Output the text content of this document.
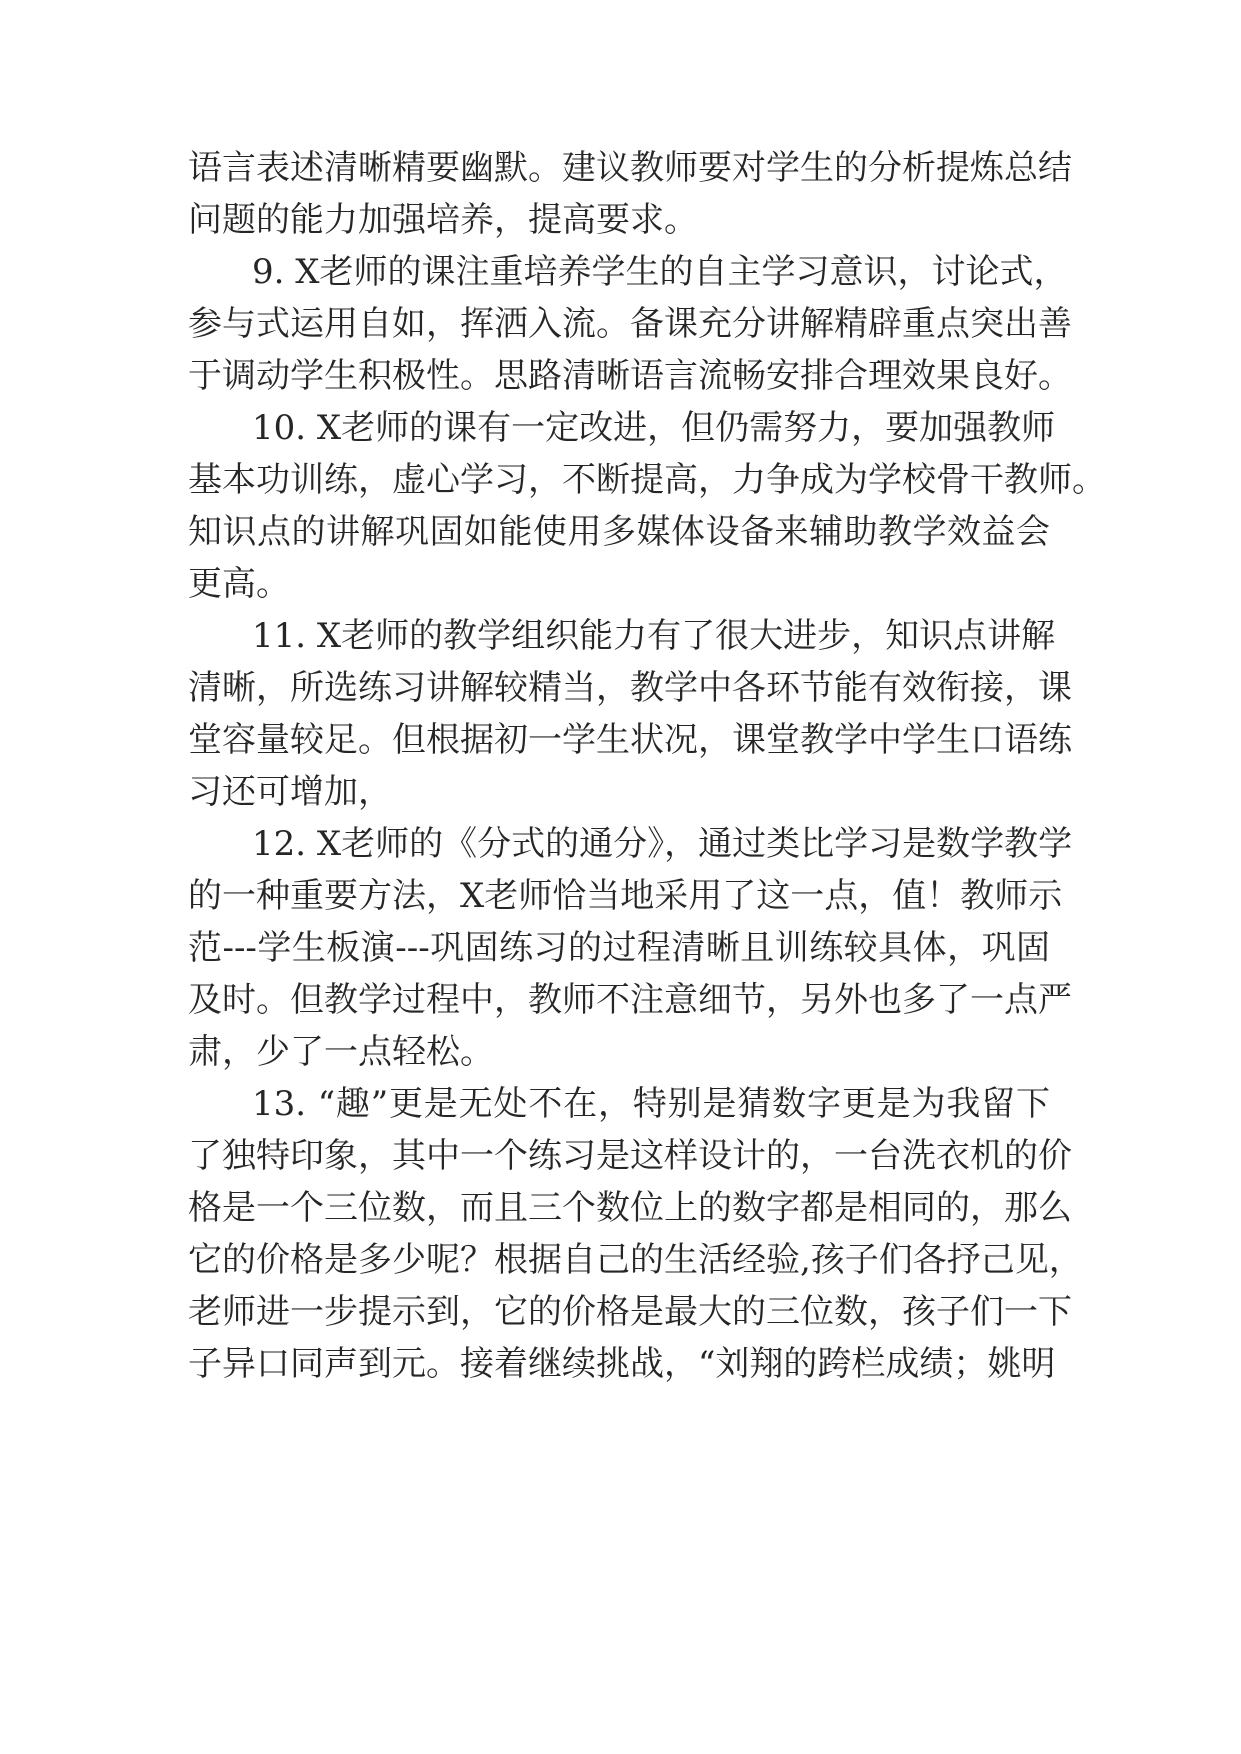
语言表述清晰精要幽默。建议教师要对学生的分析提炼总结
问题的能力加强培养，提高要求。
9. X老师的课注重培养学生的自主学习意识，讨论式，
参与式运用自如，挥洒入流。备课充分讲解精辟重点突出善
于调动学生积极性。思路清晰语言流畅安排合理效果良好。
10. X老师的课有一定改进，但仍需努力，要加强教师
基本功训练，虚心学习，不断提高，力争成为学校骨干教师。
知识点的讲解巩固如能使用多媒体设备来辅助教学效益会
更高。
11. X老师的教学组织能力有了很大进步，知识点讲解
清晰，所选练习讲解较精当，教学中各环节能有效衔接，课
堂容量较足。但根据初一学生状况，课堂教学中学生口语练
习还可增加，
12. X老师的《分式的通分》，通过类比学习是数学教学
的一种重要方法，X老师恰当地采用了这一点，值！教师示
范---学生板演---巩固练习的过程清晰且训练较具体，巩固
及时。但教学过程中，教师不注意细节，另外也多了一点严
肃，少了一点轻松。
13. “趣”更是无处不在，特别是猜数字更是为我留下
了独特印象，其中一个练习是这样设计的，一台洗衣机的价
格是一个三位数，而且三个数位上的数字都是相同的，那么
它的价格是多少呢？根据自己的生活经验,孩子们各抒己见，
老师进一步提示到，它的价格是最大的三位数，孩子们一下
子异口同声到元。接着继续挑战，“刘翔的跨栏成绩；姚明
